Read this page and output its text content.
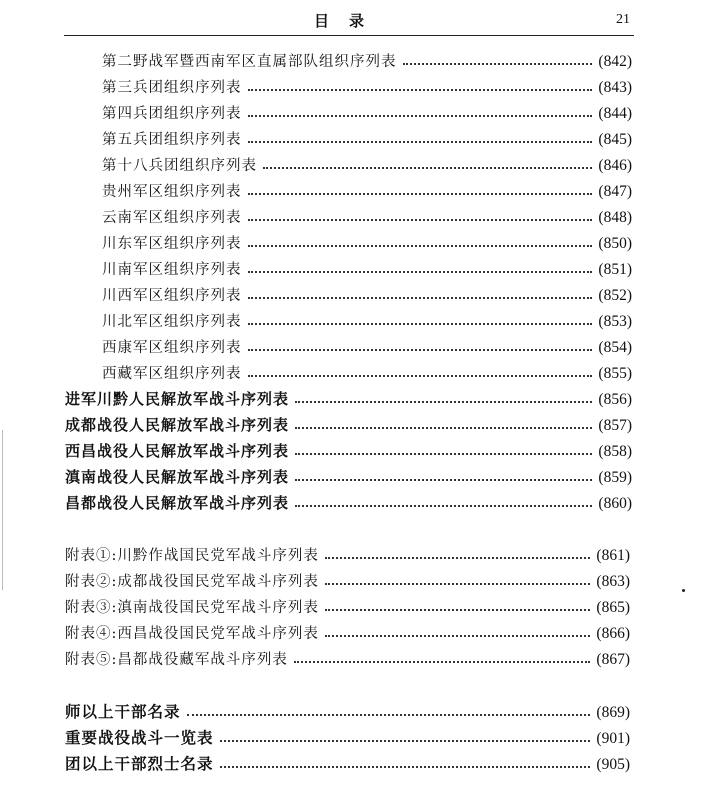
目录	21
第二野战军暨西南军区直属部队组织序列表	(842)
第三兵团组织序列表	(843)
第四兵团组织序列表	(844)
第五兵团组织序列表	(845)
第十八兵团组织序列表	(846)
贵州军区组织序列表	(847)
云南军区组织序列表	(848)
川东军区组织序列表	(850)
川南军区组织序列表	(851)
川西军区组织序列表	(852)
川北军区组织序列表	(853)
西康军区组织序列表	(854)
西藏军区组织序列表	(855)
进军川黔人民解放军战斗序列表	(856)
成都战役人民解放军战斗序列表	(857)
西昌战役人民解放军战斗序列表	(858)
滇南战役人民解放军战斗序列表	(859)
昌都战役人民解放军战斗序列表	(860)
附表①:川黔作战国民党军战斗序列表	(861)
附表②:成都战役国民党军战斗序列表	(863)
附表③:滇南战役国民党军战斗序列表	(865)
附表④:西昌战役国民党军战斗序列表	(866)
附表⑤:昌都战役藏军战斗序列表	(867)
师以上干部名录	(869)
重要战役战斗一览表	(901)
团以上干部烈士名录	(905)
